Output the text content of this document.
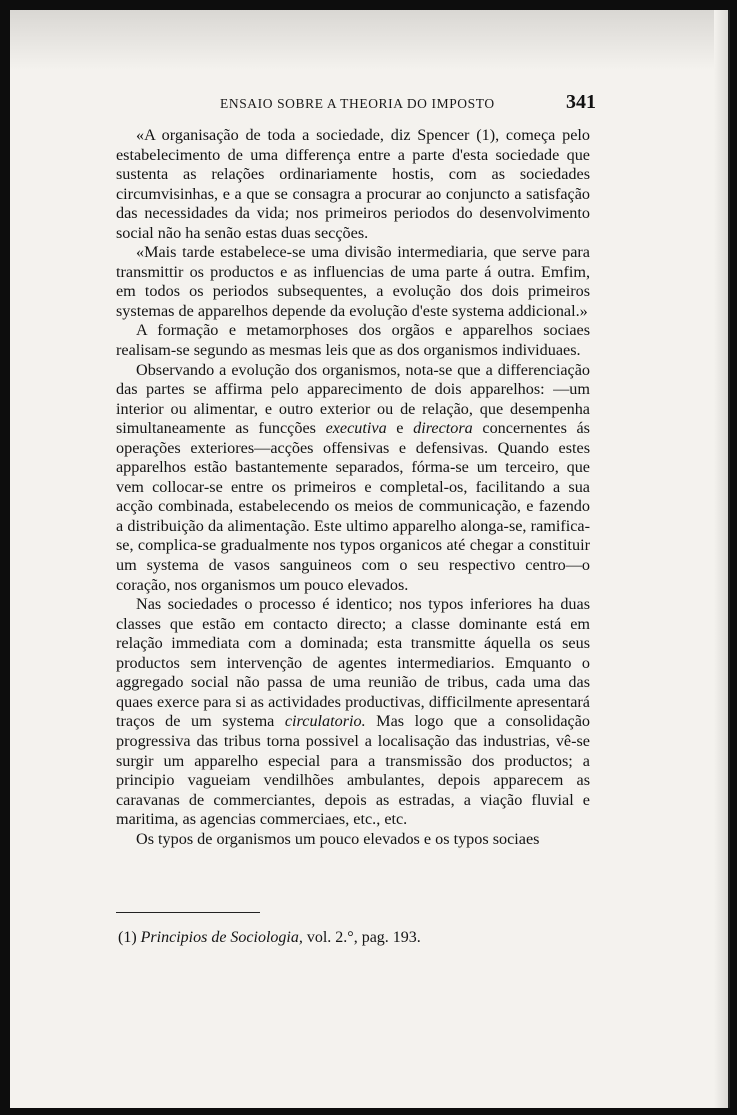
ENSAIO SOBRE A THEORIA DO IMPOSTO	341

«A organisação de toda a sociedade, diz Spencer (1), começa pelo estabelecimento de uma differença entre a parte d'esta sociedade que sustenta as relações ordinariamente hostis, com as sociedades circumvisinhas, e a que se consagra a procurar ao conjuncto a satisfação das necessidades da vida; nos primeiros periodos do desenvolvimento social não ha senão estas duas secções.

«Mais tarde estabelece-se uma divisão intermediaria, que serve para transmittir os productos e as influencias de uma parte á outra. Emfim, em todos os periodos subsequentes, a evolução dos dois primeiros systemas de apparelhos depende da evolução d'este systema addicional.»

A formação e metamorphoses dos orgãos e apparelhos sociaes realisam-se segundo as mesmas leis que as dos organismos individuaes.

Observando a evolução dos organismos, nota-se que a differenciação das partes se affirma pelo apparecimento de dois apparelhos: —um interior ou alimentar, e outro exterior ou de relação, que desempenha simultaneamente as funcções executiva e directora concernentes ás operações exteriores—acções offensivas e defensivas. Quando estes apparelhos estão bastantemente separados, fórma-se um terceiro, que vem collocar-se entre os primeiros e completal-os, facilitando a sua acção combinada, estabelecendo os meios de communicação, e fazendo a distribuição da alimentação. Este ultimo apparelho alonga-se, ramifica-se, complica-se gradualmente nos typos organicos até chegar a constituir um systema de vasos sanguineos com o seu respectivo centro—o coração, nos organismos um pouco elevados.

Nas sociedades o processo é identico; nos typos inferiores ha duas classes que estão em contacto directo; a classe dominante está em relação immediata com a dominada; esta transmitte áquella os seus productos sem intervenção de agentes intermediarios. Emquanto o aggregado social não passa de uma reunião de tribus, cada uma das quaes exerce para si as actividades productivas, difficilmente apresentará traços de um systema circulatorio. Mas logo que a consolidação progressiva das tribus torna possivel a localisação das industrias, vê-se surgir um apparelho especial para a transmissão dos productos; a principio vagueiam vendilhões ambulantes, depois apparecem as caravanas de commerciantes, depois as estradas, a viação fluvial e maritima, as agencias commerciaes, etc., etc.

Os typos de organismos um pouco elevados e os typos sociaes

(1) Principios de Sociologia, vol. 2.°, pag. 193.
